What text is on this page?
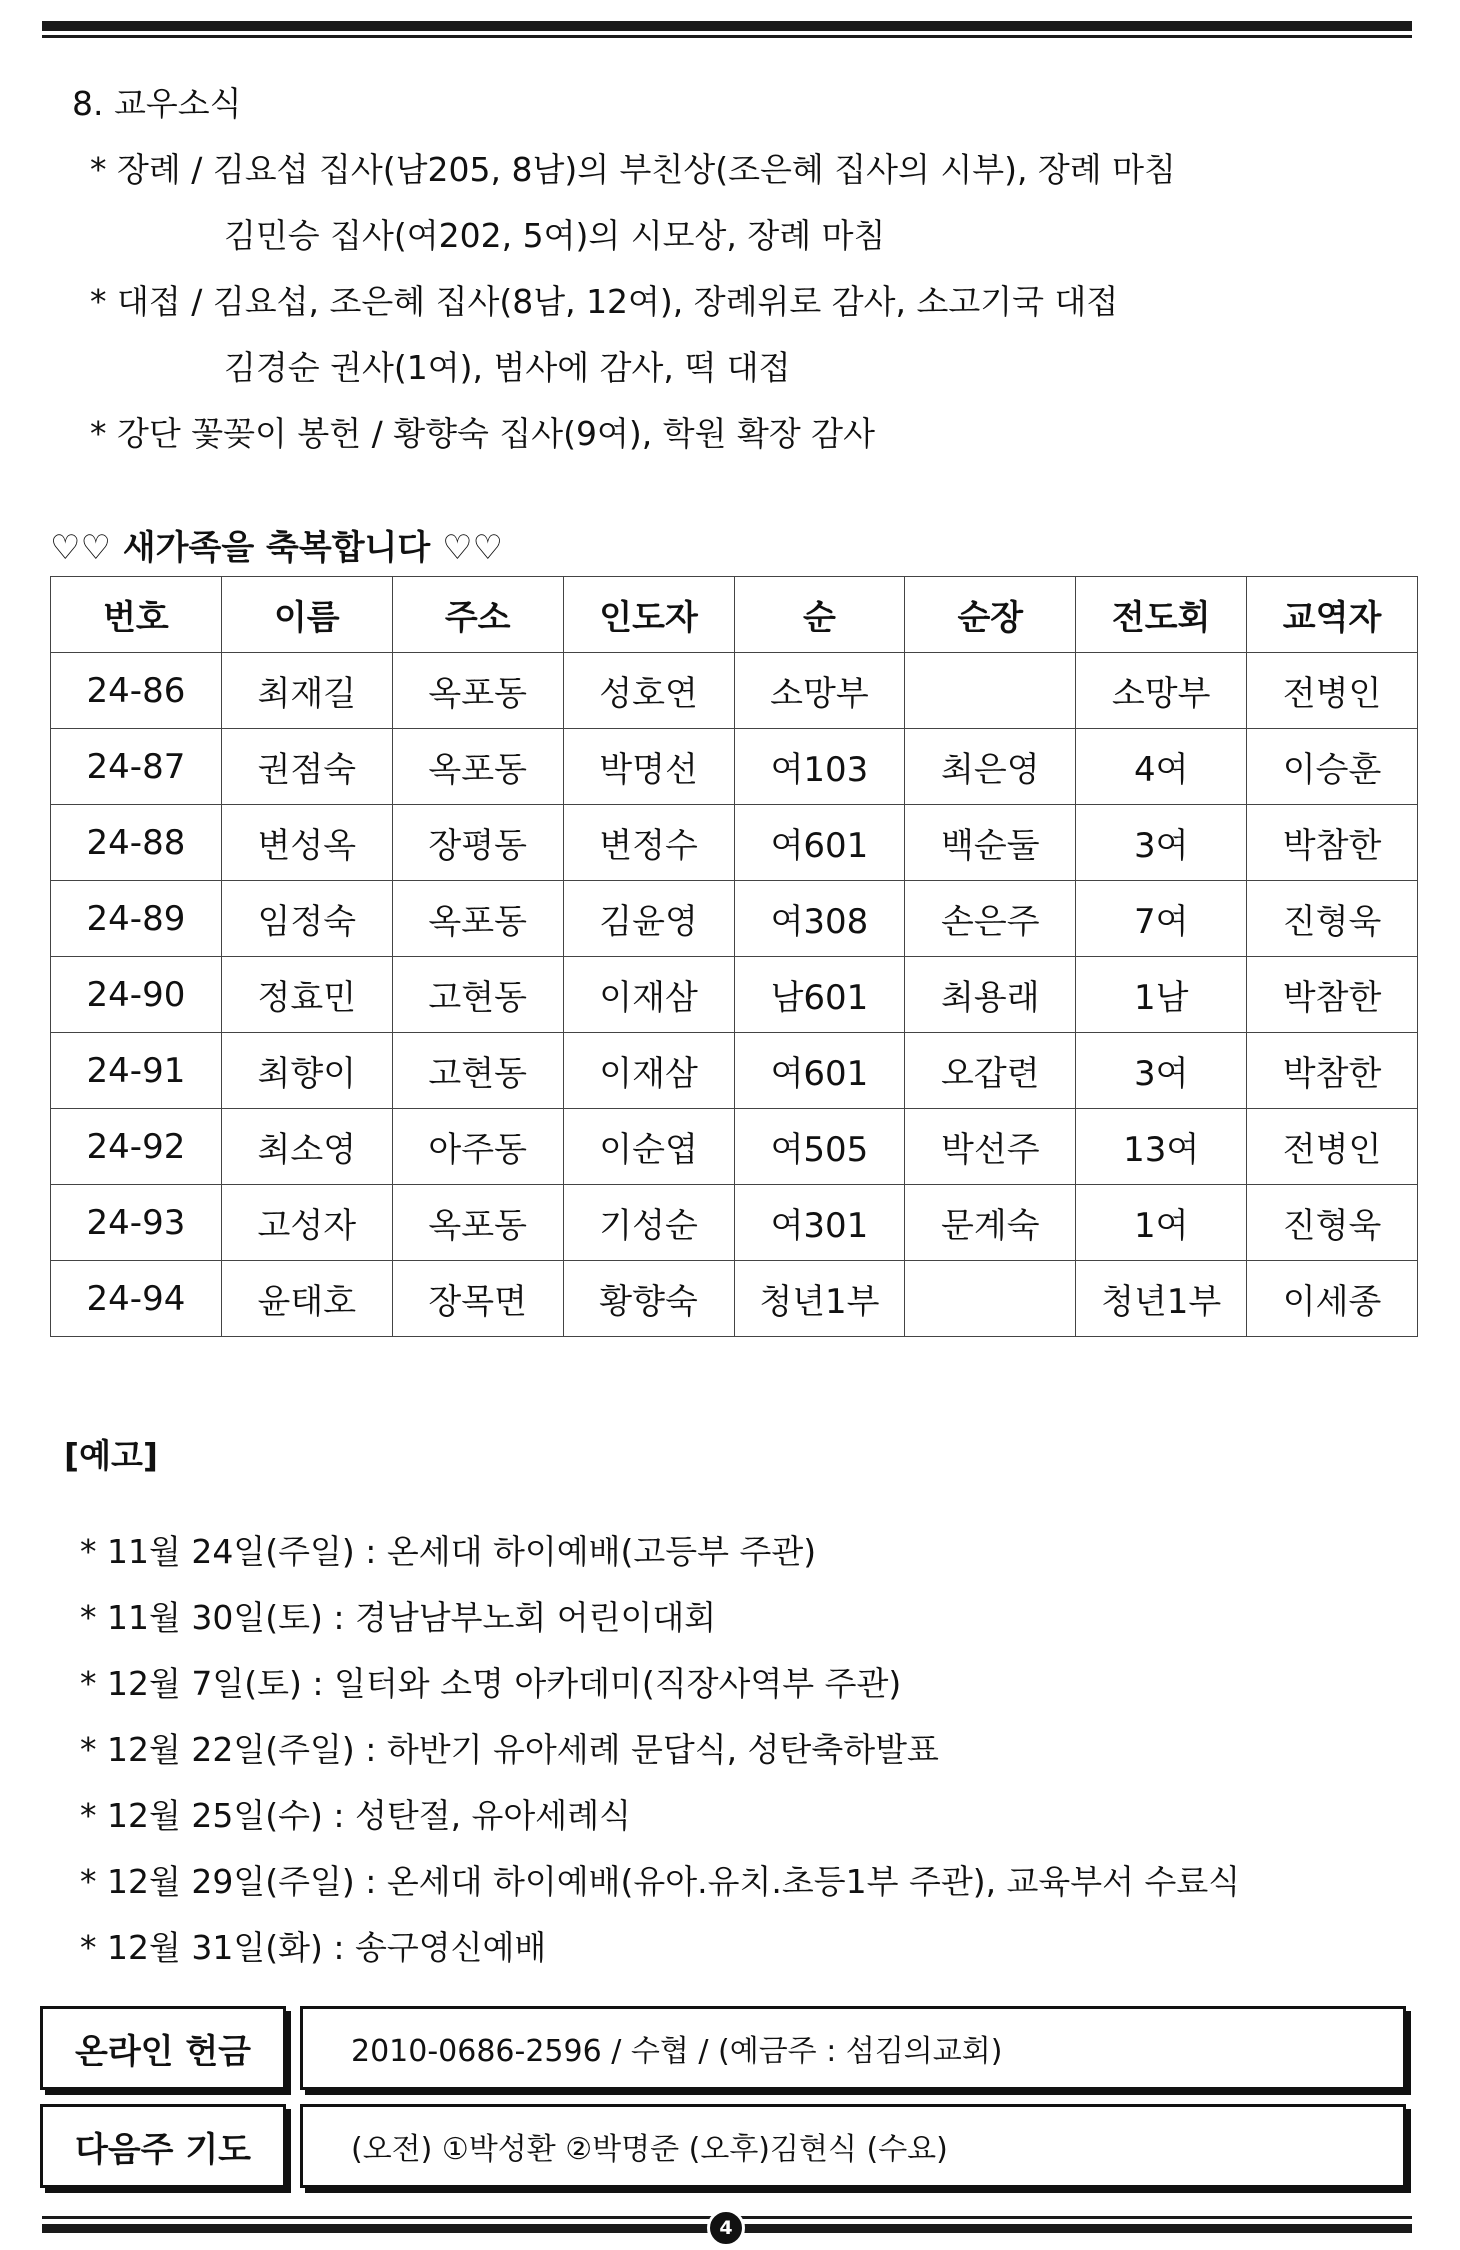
8. 교우소식
* 장례 / 김요섭 집사(남205, 8남)의 부친상(조은혜 집사의 시부), 장례 마침
김민승 집사(여202, 5여)의 시모상, 장례 마침
* 대접 / 김요섭, 조은혜 집사(8남, 12여), 장례위로 감사, 소고기국 대접
김경순 권사(1여), 범사에 감사, 떡 대접
* 강단 꽃꽂이 봉헌 / 황향숙 집사(9여), 학원 확장 감사
♡♡ 새가족을 축복합니다 ♡♡
번호	이름	주소	인도자	순	순장	전도회	교역자
24-86	최재길	옥포동	성호연	소망부		소망부	전병인
24-87	권점숙	옥포동	박명선	여103	최은영	4여	이승훈
24-88	변성옥	장평동	변정수	여601	백순둘	3여	박참한
24-89	임정숙	옥포동	김윤영	여308	손은주	7여	진형욱
24-90	정효민	고현동	이재삼	남601	최용래	1남	박참한
24-91	최향이	고현동	이재삼	여601	오갑련	3여	박참한
24-92	최소영	아주동	이순엽	여505	박선주	13여	전병인
24-93	고성자	옥포동	기성순	여301	문계숙	1여	진형욱
24-94	윤태호	장목면	황향숙	청년1부		청년1부	이세종
[예고]
* 11월 24일(주일) : 온세대 하이예배(고등부 주관)
* 11월 30일(토) : 경남남부노회 어린이대회
* 12월 7일(토) : 일터와 소명 아카데미(직장사역부 주관)
* 12월 22일(주일) : 하반기 유아세례 문답식, 성탄축하발표
* 12월 25일(수) : 성탄절, 유아세례식
* 12월 29일(주일) : 온세대 하이예배(유아.유치.초등1부 주관), 교육부서 수료식
* 12월 31일(화) : 송구영신예배
온라인 헌금	2010-0686-2596 / 수협 / (예금주 : 섬김의교회)
다음주 기도	(오전) ①박성환 ②박명준 (오후)김현식 (수요)
4
